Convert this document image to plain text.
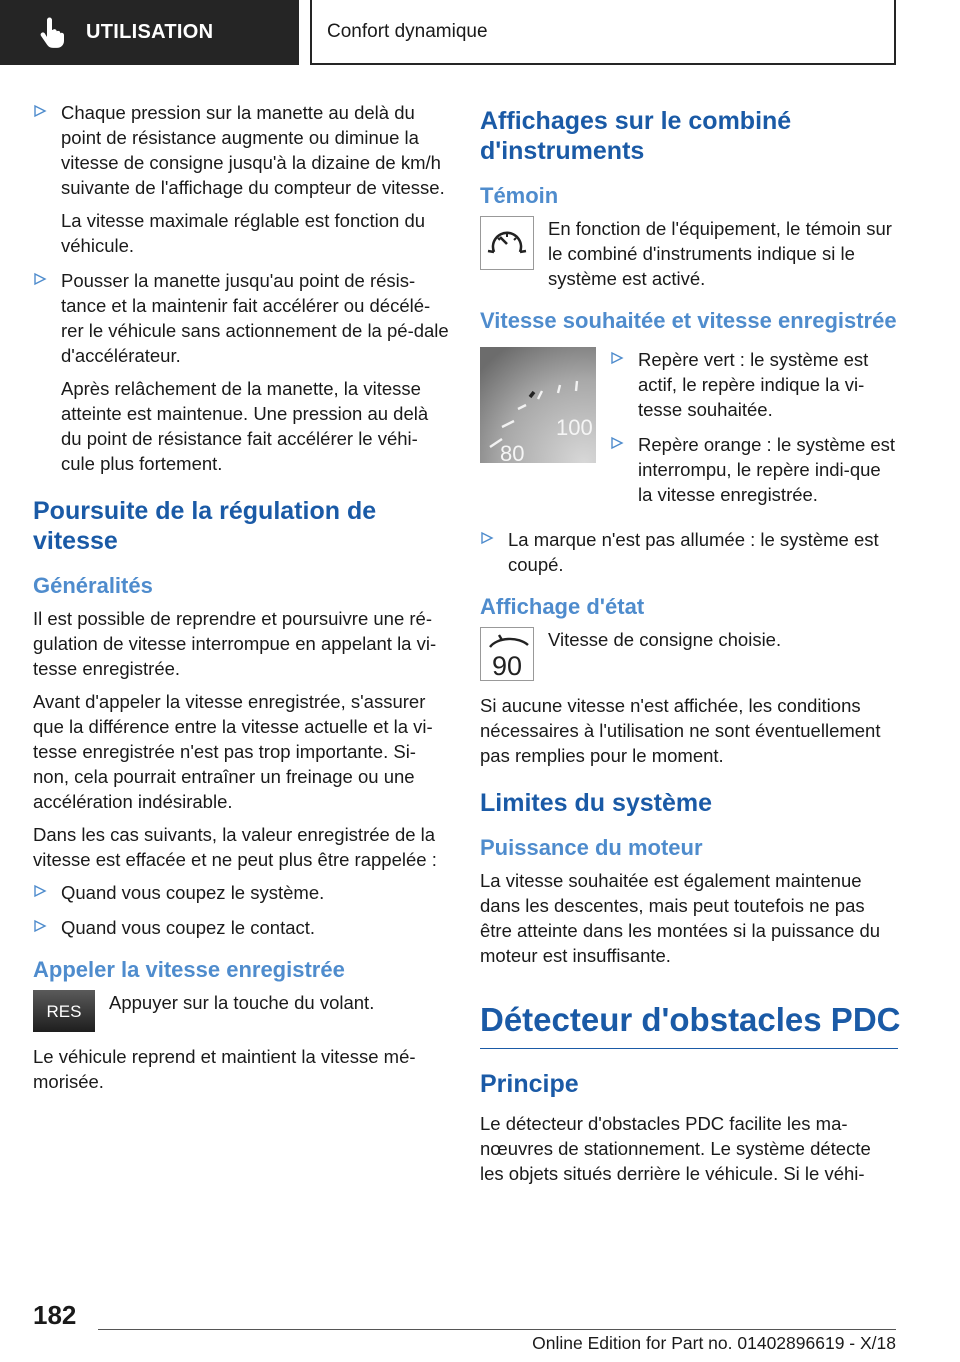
UTILISATION	Confort dynamique
Chaque pression sur la manette au delà du point de résistance augmente ou diminue la vitesse de consigne jusqu'à la dizaine de km/h suivante de l'affichage du compteur de vitesse.

La vitesse maximale réglable est fonction du véhicule.

Pousser la manette jusqu'au point de résis-tance et la maintenir fait accélérer ou décélé-rer le véhicule sans actionnement de la pé-dale d'accélérateur.

Après relâchement de la manette, la vitesse atteinte est maintenue. Une pression au delà du point de résistance fait accélérer le véhi-cule plus fortement.

Poursuite de la régulation de vitesse
Généralités

Il est possible de reprendre et poursuivre une ré-gulation de vitesse interrompue en appelant la vi-tesse enregistrée.

Avant d'appeler la vitesse enregistrée, s'assurer que la différence entre la vitesse actuelle et la vi-tesse enregistrée n'est pas trop importante. Si-non, cela pourrait entraîner un freinage ou une accélération indésirable.

Dans les cas suivants, la valeur enregistrée de la vitesse est effacée et ne peut plus être rappelée :

Quand vous coupez le système.
Quand vous coupez le contact.
Appeler la vitesse enregistrée
RES Appuyer sur la touche du volant.

Le véhicule reprend et maintient la vitesse mé-morisée.

Affichages sur le combiné d'instruments
Témoin

En fonction de l'équipement, le témoin sur le combiné d'instruments indique si le système est activé.

Vitesse souhaitée et vitesse enregistrée
100
80
Repère vert : le système est actif, le repère indique la vi-tesse souhaitée.
Repère orange : le système est interrompu, le repère indi-que la vitesse enregistrée.
La marque n'est pas allumée : le système est coupé.
Affichage d'état
90

Vitesse de consigne choisie.

Si aucune vitesse n'est affichée, les conditions nécessaires à l'utilisation ne sont éventuellement pas remplies pour le moment.

Limites du système
Puissance du moteur

La vitesse souhaitée est également maintenue dans les descentes, mais peut toutefois ne pas être atteinte dans les montées si la puissance du moteur est insuffisante.

Détecteur d'obstacles PDC
Principe

Le détecteur d'obstacles PDC facilite les ma-nœuvres de stationnement. Le système détecte les objets situés derrière le véhicule. Si le véhi-

182
Online Edition for Part no. 01402896619 - X/18
